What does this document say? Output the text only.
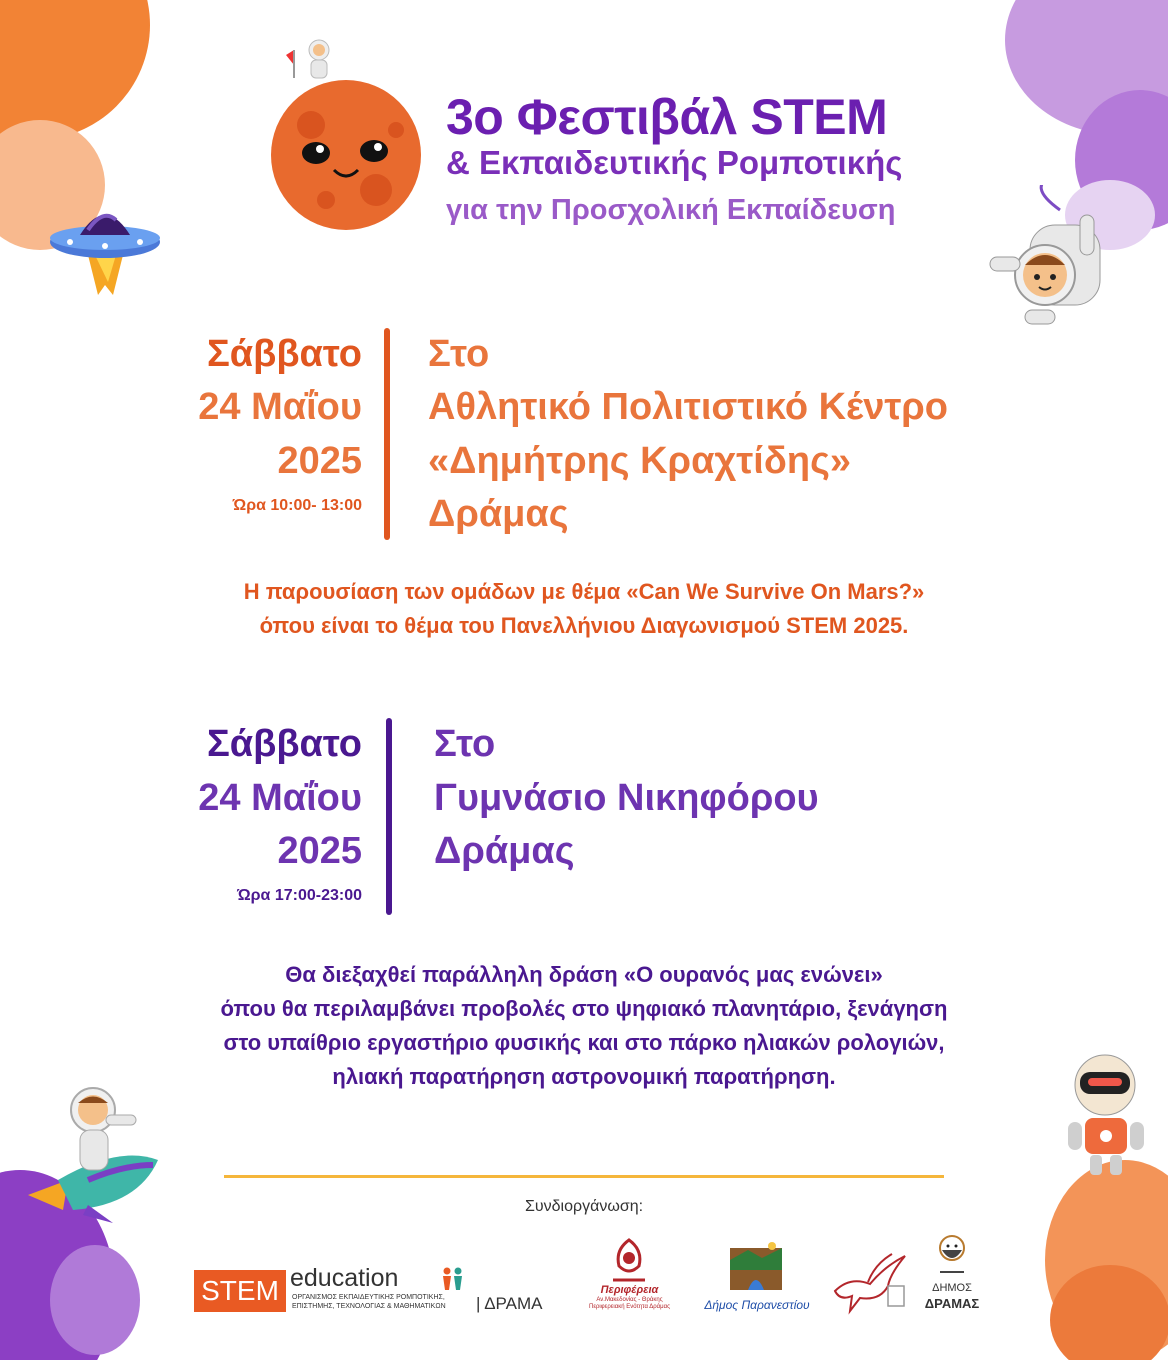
3ο Φεστιβάλ STEM
& Εκπαιδευτικής Ρομποτικής
για την Προσχολική Εκπαίδευση
Σάββατο
24 Μαΐου
2025
Ώρα 10:00- 13:00
Στο
Αθλητικό Πολιτιστικό Κέντρο
«Δημήτρης Κραχτίδης»
Δράμας
Η παρουσίαση των ομάδων με θέμα «Can We Survive On Mars?»
όπου είναι το θέμα του Πανελλήνιου Διαγωνισμού STEM 2025.
Σάββατο
24 Μαΐου
2025
Ώρα 17:00-23:00
Στο
Γυμνάσιο Νικηφόρου
Δράμας
Θα διεξαχθεί παράλληλη δράση «Ο ουρανός μας ενώνει»
όπου θα περιλαμβάνει προβολές στο ψηφιακό πλανητάριο, ξενάγηση
στο υπαίθριο εργαστήριο φυσικής και στο πάρκο ηλιακών ρολογιών,
ηλιακή παρατήρηση αστρονομική παρατήρηση.
Συνδιοργάνωση:
STEM education
ΟΡΓΑΝΙΣΜΟΣ ΕΚΠΑΙΔΕΥΤΙΚΗΣ ΡΟΜΠΟΤΙΚΗΣ,
ΕΠΙΣΤΗΜΗΣ, ΤΕΧΝΟΛΟΓΙΑΣ & ΜΑΘΗΜΑΤΙΚΩΝ | ΔΡΑΜΑ
Περιφέρεια
Αν.Μακεδονίας - Θράκης
Περιφερειακή Ενότητα Δράμας	Δήμος Παρανεστίου
ΔΗΜΟΣ
ΔΡΑΜΑΣ
